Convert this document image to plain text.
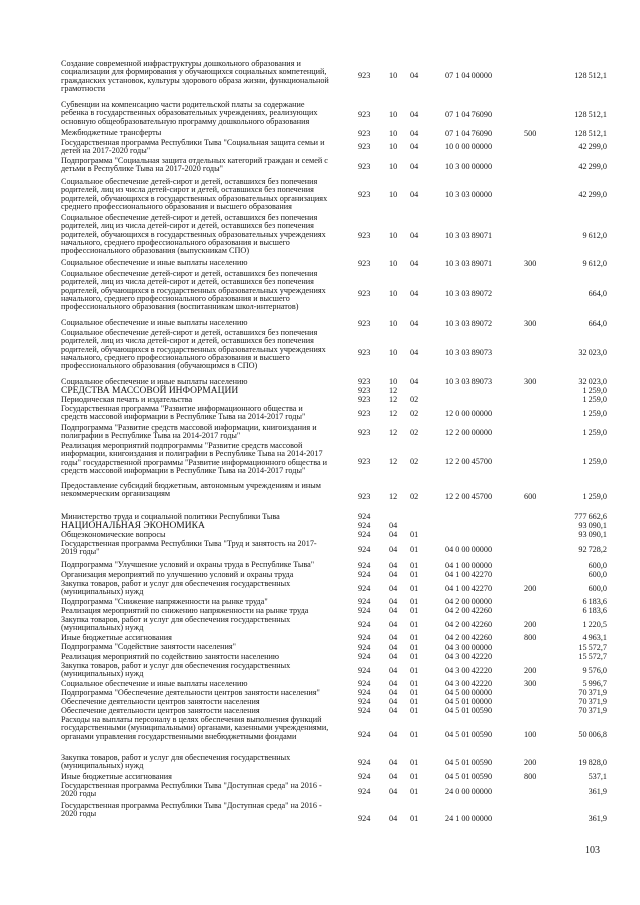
Создание современной инфраструктуры дошкольного образования и
социализации для формирования у обучающихся социальных компетенций,
гражданских установок, культуры здорового образа жизни, функциональной
грамотности
923 10 04	07 1 04 00000	128 512,1
Субвенции на компенсацию части родительской платы за содержание
ребенка в государственных образовательных учреждениях, реализующих
основную общеобразовательную программу дошкольного образования
923 10 04	07 1 04 76090	128 512,1
Межбюджетные трансферты	923 10 04	07 1 04 76090	500	128 512,1
Государственная программа Республики Тыва "Социальная защита семьи и
детей на 2017-2020 годы"	923 10 04	10 0 00 00000	42 299,0
Подпрограмма "Социальная защита отдельных категорий граждан и семей с
детьми в Республике Тыва на 2017-2020 годы"	923 10 04	10 3 00 00000	42 299,0
Социальное обеспечение детей-сирот и детей, оставшихся без попечения
родителей, лиц из числа детей-сирот и детей, оставшихся без попечения
родителей, обучающихся в государственных образовательных организациях
среднего профессионального образования и высшего образования
923 10 04	10 3 03 00000	42 299,0
Социальное обеспечение детей-сирот и детей, оставшихся без попечения
родителей, лиц из числа детей-сирот и детей, оставшихся без попечения
родителей, обучающихся в государственных образовательных учреждениях
начального, среднего профессионального образования и высшего
профессионального образования (выпускникам СПО)
923 10 04	10 3 03 89071	9 612,0
Социальное обеспечение и иные выплаты населению	923 10 04	10 3 03 89071	300	9 612,0
Социальное обеспечение детей-сирот и детей, оставшихся без попечения
родителей, лиц из числа детей-сирот и детей, оставшихся без попечения
родителей, обучающихся в государственных образовательных учреждениях
начального, среднего профессионального образования и высшего
профессионального образования (воспитанникам школ-интернатов)
923 10 04	10 3 03 89072	664,0
Социальное обеспечение и иные выплаты населению	923 10 04	10 3 03 89072	300	664,0
Социальное обеспечение детей-сирот и детей, оставшихся без попечения
родителей, лиц из числа детей-сирот и детей, оставшихся без попечения
родителей, обучающихся в государственных образовательных учреждениях
начального, среднего профессионального образования и высшего
профессионального образования (обучающимся в СПО)
923 10 04	10 3 03 89073	32 023,0
Социальное обеспечение и иные выплаты населению	923 10 04	10 3 03 89073	300	32 023,0
СРЕДСТВА МАССОВОЙ ИНФОРМАЦИИ	923 12	1 259,0
Периодическая печать и издательства	923 12 02	1 259,0
Государственная программа "Развитие информационного общества и
средств массовой информации в Республике Тыва на 2014-2017 годы"	923 12 02	12 0 00 00000	1 259,0
Подпрограмма "Развитие средств массовой информации, книгоиздания и
полиграфии в Республике Тыва на 2014-2017 годы"	923 12 02	12 2 00 00000	1 259,0
Реализация мероприятий подпрограммы "Развитие средств массовой
информации, книгоиздания и полиграфии в Республике Тыва на 2014-2017
годы" государственной программы "Развитие информационного общества и
средств массовой информации в Республике Тыва на 2014-2017 годы"
923 12 02	12 2 00 45700	1 259,0
Предоставление субсидий бюджетным, автономным учреждениям и иным
некоммерческим организациям	923 12 02	12 2 00 45700	600	1 259,0
Министерство труда и социальной политики Республики Тыва	924	777 662,6
НАЦИОНАЛЬНАЯ ЭКОНОМИКА	924 04	93 090,1
Общеэкономические вопросы	924 04 01	93 090,1
Государственная программа Республики Тыва "Труд и занятость на 2017-
2019 годы"	924 04 01	04 0 00 00000	92 728,2
Подпрограмма "Улучшение условий и охраны труда в Республике Тыва"	924 04 01	04 1 00 00000	600,0
Организация мероприятий по улучшению условий и охраны труда	924 04 01	04 1 00 42270	600,0
Закупка товаров, работ и услуг для обеспечения государственных
(муниципальных) нужд	924 04 01	04 1 00 42270	200	600,0
Подпрограмма "Снижение напряженности на рынке труда"	924 04 01	04 2 00 00000	6 183,6
Реализация мероприятий по снижению напряженности на рынке труда	924 04 01	04 2 00 42260	6 183,6
Закупка товаров, работ и услуг для обеспечения государственных
(муниципальных) нужд	924 04 01	04 2 00 42260	200	1 220,5
Иные бюджетные ассигнования	924 04 01	04 2 00 42260	800	4 963,1
Подпрограмма "Содействие занятости населения"	924 04 01	04 3 00 00000	15 572,7
Реализация мероприятий по содействию занятости населению	924 04 01	04 3 00 42220	15 572,7
Закупка товаров, работ и услуг для обеспечения государственных
(муниципальных) нужд	924 04 01	04 3 00 42220	200	9 576,0
Социальное обеспечение и иные выплаты населению	924 04 01	04 3 00 42220	300	5 996,7
Подпрограмма "Обеспечение деятельности центров занятости населения"	924 04 01	04 5 00 00000	70 371,9
Обеспечение деятельности центров занятости населения	924 04 01	04 5 01 00000	70 371,9
Обеспечение деятельности центров занятости населения	924 04 01	04 5 01 00590	70 371,9
Расходы на выплаты персоналу в целях обеспечения выполнения функций
государственными (муниципальными) органами, казенными учреждениями,
органами управления государственными внебюджетными фондами	924 04 01	04 5 01 00590	100	50 006,8
Закупка товаров, работ и услуг для обеспечения государственных
(муниципальных) нужд	924 04 01	04 5 01 00590	200	19 828,0
Иные бюджетные ассигнования	924 04 01	04 5 01 00590	800	537,1
Государственная программа Республики Тыва "Доступная среда" на 2016 -
2020 годы	924 04 01	24 0 00 00000	361,9
Государственная программа Республики Тыва "Доступная среда" на 2016 -
2020 годы
924 04 01	24 1 00 00000	361,9
103
